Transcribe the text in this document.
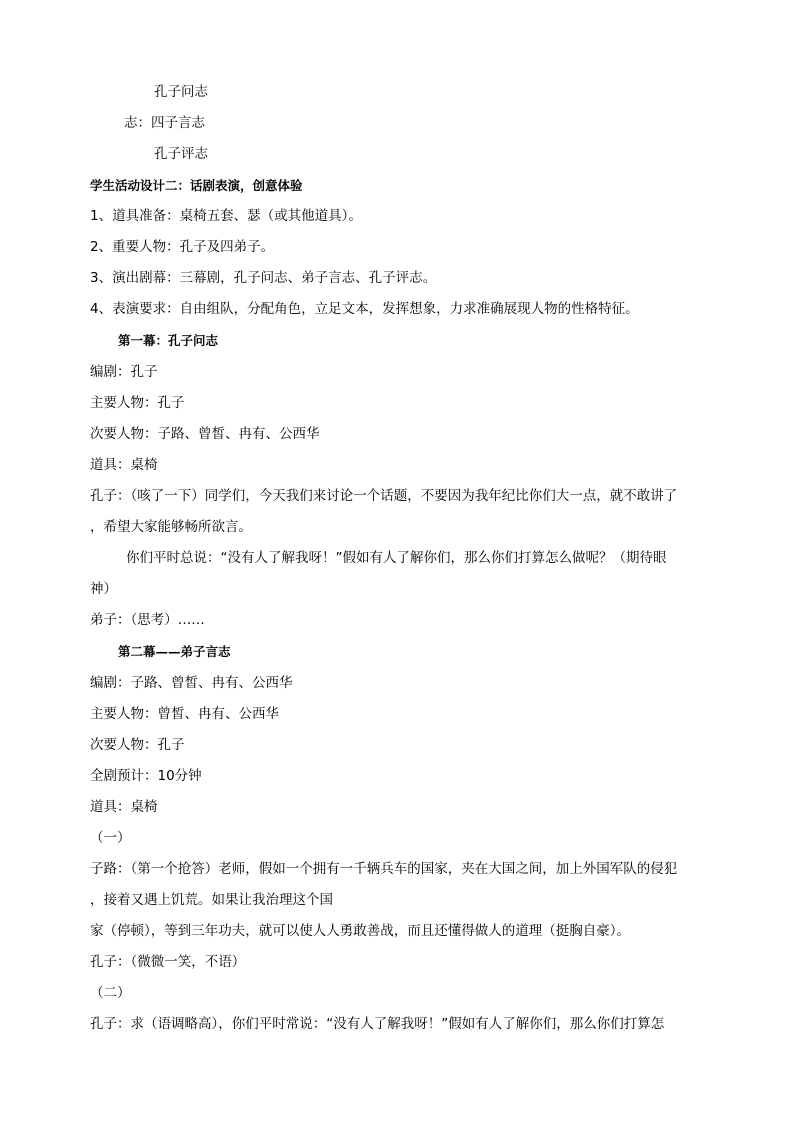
孔子问志
志：四子言志
孔子评志
学生活动设计二：话剧表演，创意体验
1、道具准备：桌椅五套、瑟（或其他道具）。
2、重要人物：孔子及四弟子。
3、演出剧幕：三幕剧，孔子问志、弟子言志、孔子评志。
4、表演要求：自由组队，分配角色，立足文本，发挥想象，力求准确展现人物的性格特征。
第一幕：孔子问志
编剧：孔子
主要人物：孔子
次要人物：子路、曾皙、冉有、公西华
道具：桌椅
孔子：（咳了一下）同学们，今天我们来讨论一个话题，不要因为我年纪比你们大一点，就不敢讲了
，希望大家能够畅所欲言。
你们平时总说：“没有人了解我呀！”假如有人了解你们，那么你们打算怎么做呢？（期待眼
神）
弟子：（思考）……
第二幕——弟子言志
编剧：子路、曾皙、冉有、公西华
主要人物：曾皙、冉有、公西华
次要人物：孔子
全剧预计：10分钟
道具：桌椅
（一）
子路：（第一个抢答）老师，假如一个拥有一千辆兵车的国家，夹在大国之间，加上外国军队的侵犯
，接着又遇上饥荒。如果让我治理这个国
家（停顿），等到三年功夫，就可以使人人勇敢善战，而且还懂得做人的道理（挺胸自豪）。
孔子：（微微一笑，不语）
（二）
孔子：求（语调略高），你们平时常说：“没有人了解我呀！”假如有人了解你们，那么你们打算怎
